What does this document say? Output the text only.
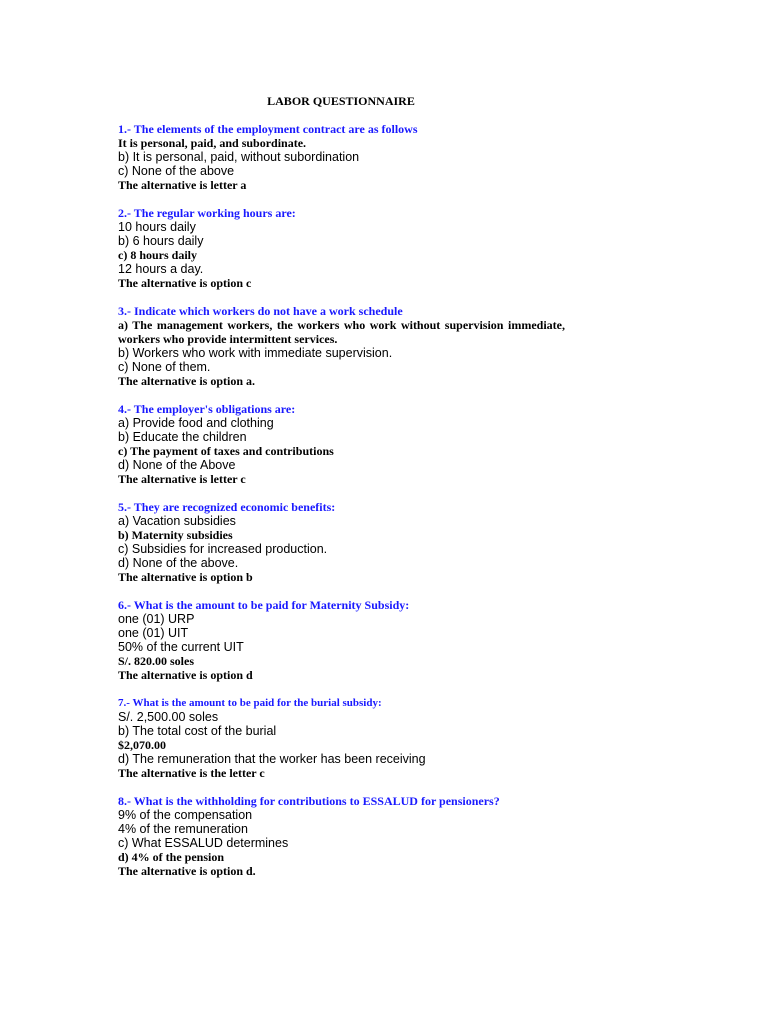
LABOR QUESTIONNAIRE
1.- The elements of the employment contract are as follows
It is personal, paid, and subordinate.
b) It is personal, paid, without subordination
c) None of the above
The alternative is letter a
2.- The regular working hours are:
10 hours daily
b) 6 hours daily
c) 8 hours daily
12 hours a day.
The alternative is option c
3.- Indicate which workers do not have a work schedule
a) The management workers, the workers who work without supervision immediate, workers who provide intermittent services.
b) Workers who work with immediate supervision.
c) None of them.
The alternative is option a.
4.- The employer's obligations are:
a) Provide food and clothing
b) Educate the children
c) The payment of taxes and contributions
d) None of the Above
The alternative is letter c
5.- They are recognized economic benefits:
a) Vacation subsidies
b) Maternity subsidies
c) Subsidies for increased production.
d) None of the above.
The alternative is option b
6.- What is the amount to be paid for Maternity Subsidy:
one (01) URP
one (01) UIT
50% of the current UIT
S/. 820.00 soles
The alternative is option d
7.- What is the amount to be paid for the burial subsidy:
S/. 2,500.00 soles
b) The total cost of the burial
$2,070.00
d) The remuneration that the worker has been receiving
The alternative is the letter c
8.- What is the withholding for contributions to ESSALUD for pensioners?
9% of the compensation
4% of the remuneration
c) What ESSALUD determines
d) 4% of the pension
The alternative is option d.
